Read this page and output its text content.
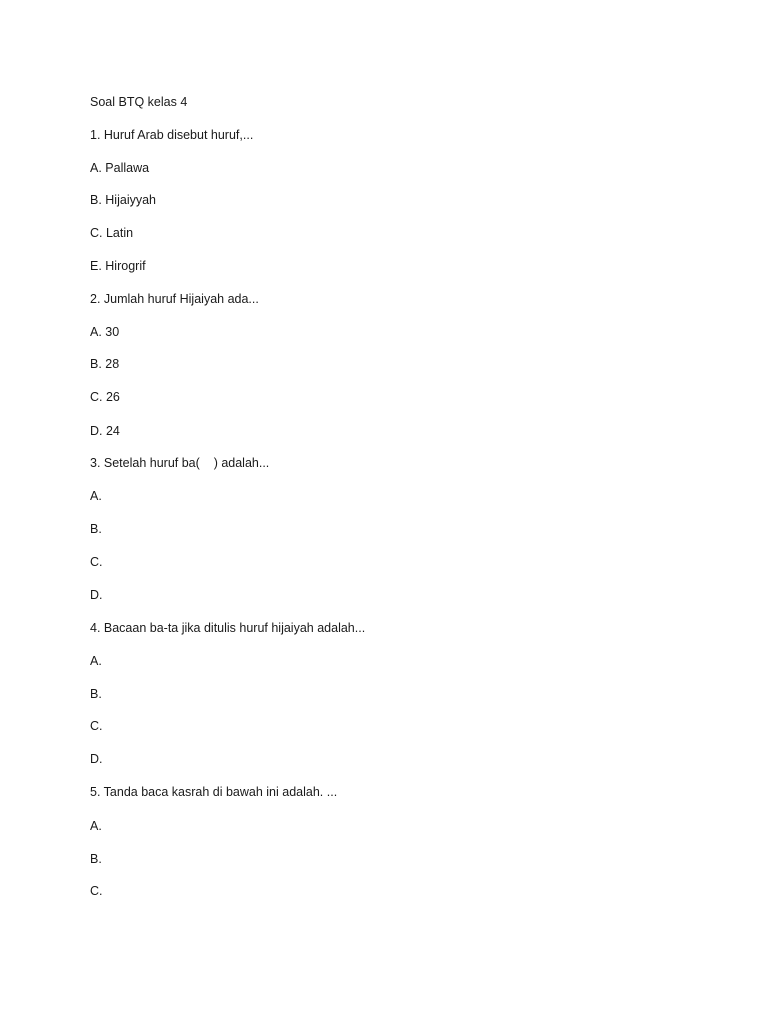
Soal BTQ kelas 4
1. Huruf Arab disebut huruf,...
A. Pallawa
B. Hijaiyyah
C. Latin
E. Hirogrif
2. Jumlah huruf Hijaiyah ada...
A. 30
B. 28
C. 26
D. 24
3. Setelah huruf ba(    ) adalah...
A.
B.
C.
D.
4. Bacaan ba-ta jika ditulis huruf hijaiyah adalah...
A.
B.
C.
D.
5. Tanda baca kasrah di bawah ini adalah. ...
A.
B.
C.
